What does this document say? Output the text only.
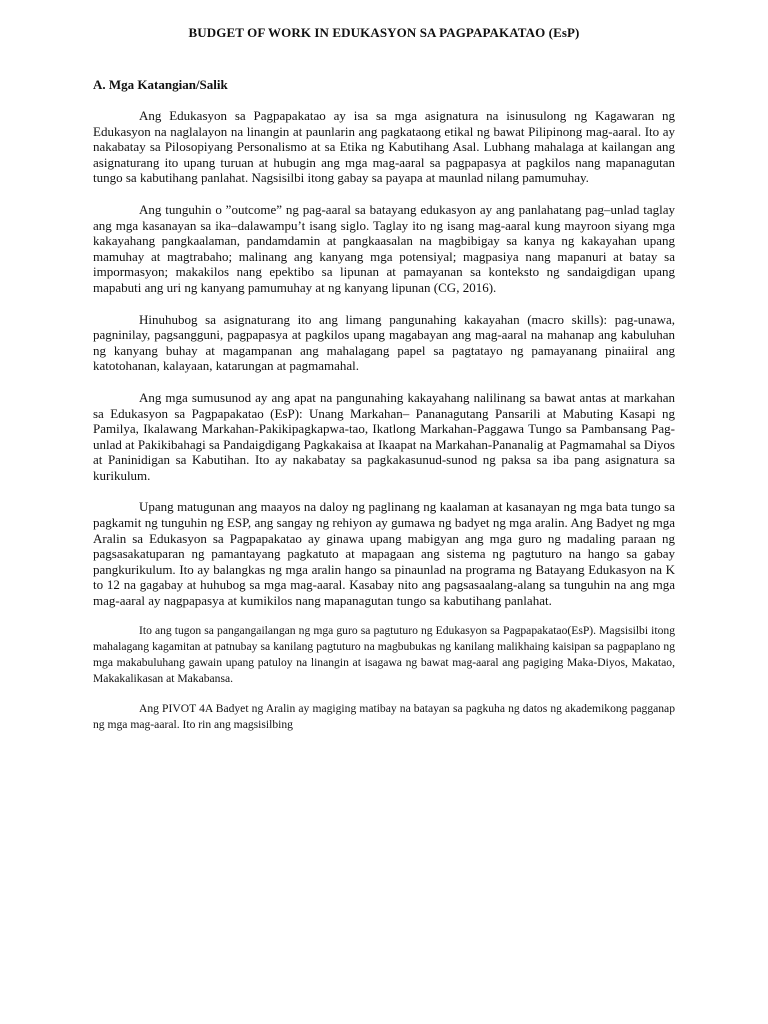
BUDGET OF WORK IN EDUKASYON SA PAGPAPAKATAO (EsP)
A. Mga Katangian/Salik

Ang Edukasyon sa Pagpapakatao ay isa sa mga asignatura na isinusulong ng Kagawaran ng Edukasyon na naglalayon na linangin at paunlarin ang pagkataong etikal ng bawat Pilipinong mag-aaral. Ito ay nakabatay sa Pilosopiyang Personalismo at sa Etika ng Kabutihang Asal. Lubhang mahalaga at kailangan ang asignaturang ito upang turuan at hubugin ang mga mag-aaral sa pagpapasya at pagkilos nang mapanagutan tungo sa kabutihang panlahat. Nagsisilbi itong gabay sa payapa at maunlad nilang pamumuhay.

Ang tunguhin o ”outcome” ng pag-aaral sa batayang edukasyon ay ang panlahatang pag–unlad taglay ang mga kasanayan sa ika–dalawampu’t isang siglo. Taglay ito ng isang mag-aaral kung mayroon siyang mga kakayahang pangkaalaman, pandamdamin at pangkaasalan na magbibigay sa kanya ng kakayahan upang mamuhay at magtrabaho; malinang ang kanyang mga potensiyal; magpasiya nang mapanuri at batay sa impormasyon; makakilos nang epektibo sa lipunan at pamayanan sa konteksto ng sandaigdigan upang mapabuti ang uri ng kanyang pamumuhay at ng kanyang lipunan (CG, 2016).

Hinuhubog sa asignaturang ito ang limang pangunahing kakayahan (macro skills): pag-unawa, pagninilay, pagsangguni, pagpapasya at pagkilos upang magabayan ang mag-aaral na mahanap ang kabuluhan ng kanyang buhay at magampanan ang mahalagang papel sa pagtatayo ng pamayanang pinaiiral ang katotohanan, kalayaan, katarungan at pagmamahal.

Ang mga sumusunod ay ang apat na pangunahing kakayahang nalilinang sa bawat antas at markahan sa Edukasyon sa Pagpapakatao (EsP): Unang Markahan– Pananagutang Pansarili at Mabuting Kasapi ng Pamilya, Ikalawang Markahan-Pakikipagkapwa-tao, Ikatlong Markahan-Paggawa Tungo sa Pambansang Pag-unlad at Pakikibahagi sa Pandaigdigang Pagkakaisa at Ikaapat na Markahan-Pananalig at Pagmamahal sa Diyos at Paninidigan sa Kabutihan. Ito ay nakabatay sa pagkakasunud-sunod ng paksa sa iba pang asignatura sa kurikulum.

Upang matugunan ang maayos na daloy ng paglinang ng kaalaman at kasanayan ng mga bata tungo sa pagkamit ng tunguhin ng ESP, ang sangay ng rehiyon ay gumawa ng badyet ng mga aralin. Ang Badyet ng mga Aralin sa Edukasyon sa Pagpapakatao ay ginawa upang mabigyan ang mga guro ng madaling paraan ng pagsasakatuparan ng pamantayang pagkatuto at mapagaan ang sistema ng pagtuturo na hango sa gabay pangkurikulum. Ito ay balangkas ng mga aralin hango sa pinaunlad na programa ng Batayang Edukasyon na K to 12 na gagabay at huhubog sa mga mag-aaral. Kasabay nito ang pagsasaalang-alang sa tunguhin na ang mga mag-aaral ay nagpapasya at kumikilos nang mapanagutan tungo sa kabutihang panlahat.

Ito ang tugon sa pangangailangan ng mga guro sa pagtuturo ng Edukasyon sa Pagpapakatao(EsP). Magsisilbi itong mahalagang kagamitan at patnubay sa kanilang pagtuturo na magbubukas ng kanilang malikhaing kaisipan sa pagpaplano ng mga makabuluhang gawain upang patuloy na linangin at isagawa ng bawat mag-aaral ang pagiging Maka-Diyos, Makatao, Makakalikasan at Makabansa.

Ang PIVOT 4A Badyet ng Aralin ay magiging matibay na batayan sa pagkuha ng datos ng akademikong pagganap ng mga mag-aaral. Ito rin ang magsisilbing
